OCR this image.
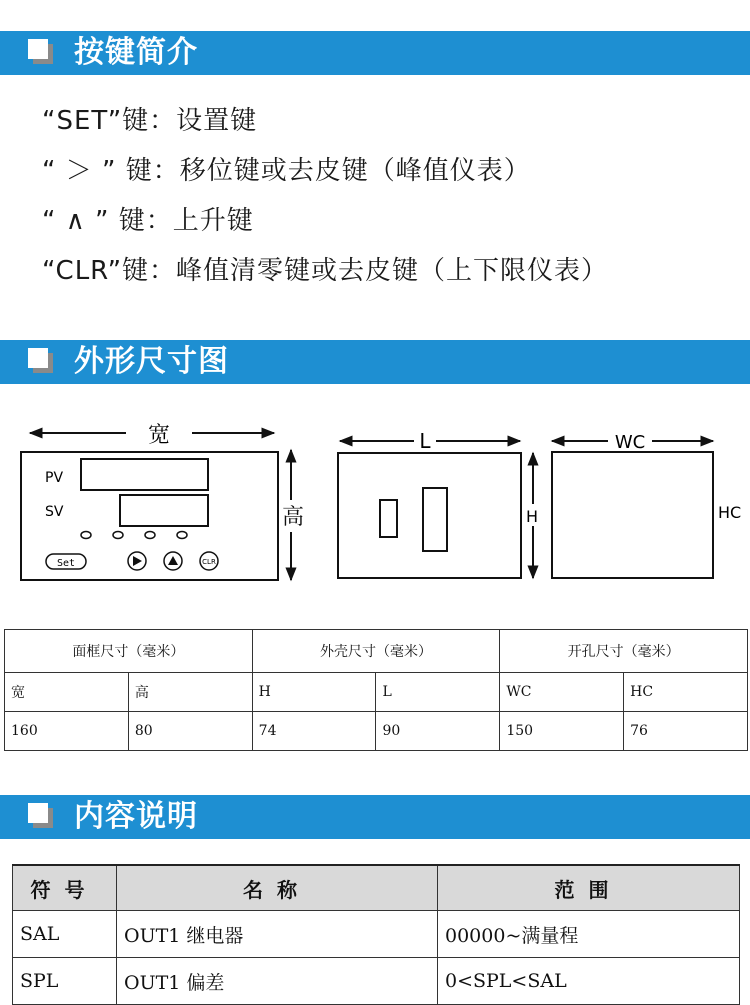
按键简介
“SET”键：设置键
“ ＞ ” 键：移位键或去皮键（峰值仪表）
“ ∧ ” 键：上升键
“CLR”键：峰值清零键或去皮键（上下限仪表）
外形尺寸图
宽
PV
SV
Set	CLR
高
L
H
WC
HC
面框尺寸（毫米）		外壳尺寸（毫米）		开孔尺寸（毫米）	
宽	高	H	L	WC	HC
160	80	74	90	150	76
内容说明
符号	名称	范围
SAL	OUT1 继电器	00000~满量程
SPL	OUT1 偏差	0<SPL<SAL
